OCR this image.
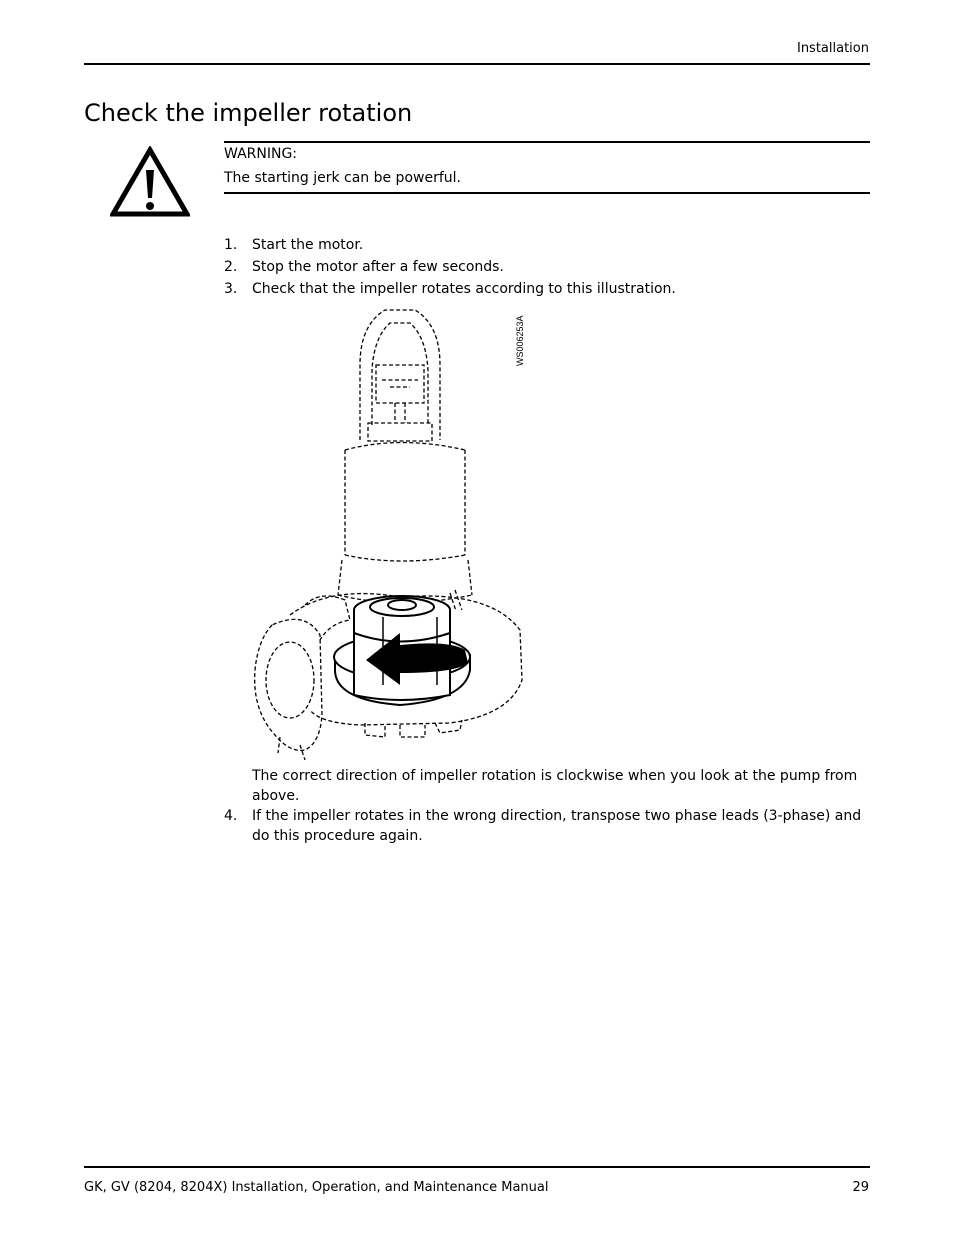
Installation
Check the impeller rotation
WARNING:
The starting jerk can be powerful.
1. Start the motor.
2. Stop the motor after a few seconds.
3. Check that the impeller rotates according to this illustration.
WS006253A
The correct direction of impeller rotation is clockwise when you look at the pump from above.
4. If the impeller rotates in the wrong direction, transpose two phase leads (3-phase) and do this procedure again.
GK, GV (8204, 8204X) Installation, Operation, and Maintenance Manual	29
